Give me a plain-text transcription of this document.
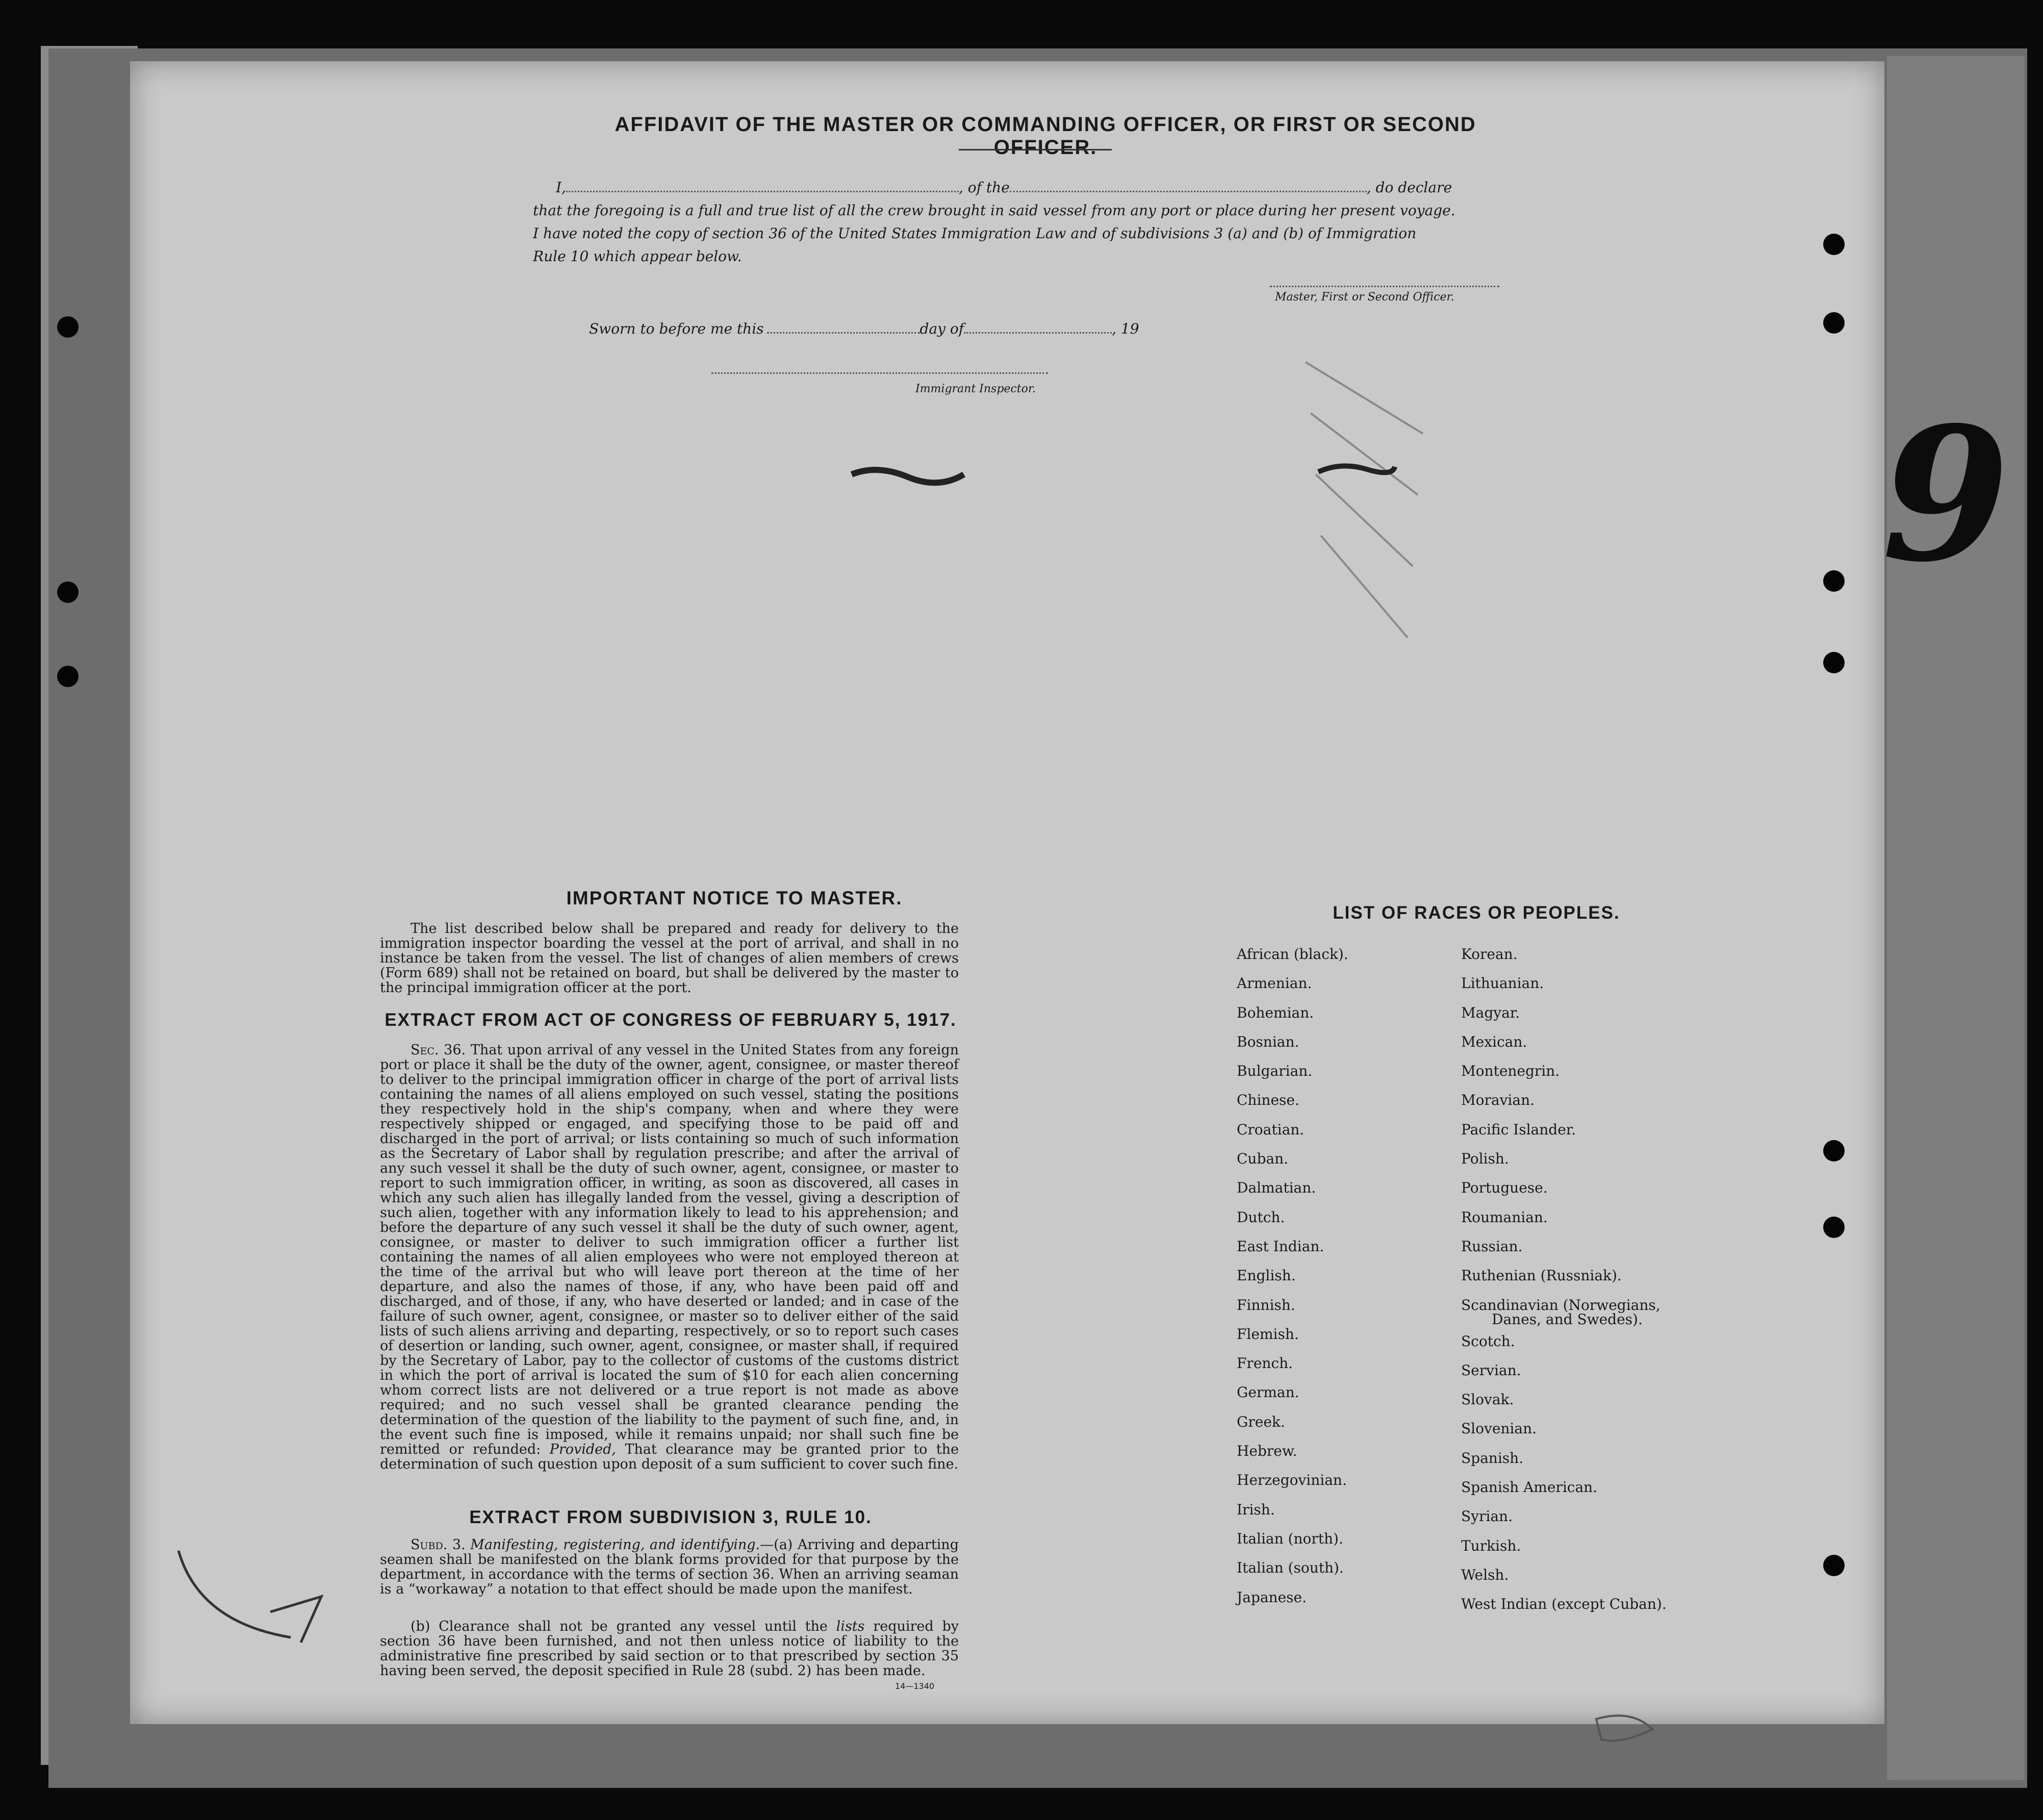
9
AFFIDAVIT OF THE MASTER OR COMMANDING OFFICER, OR FIRST OR SECOND OFFICER.
I,	, of the	, do declare
that the foregoing is a full and true list of all the crew brought in said vessel from any port or place during her present voyage.
I have noted the copy of section 36 of the United States Immigration Law and of subdivisions 3 (a) and (b) of Immigration
Rule 10 which appear below.
Master, First or Second Officer.
Sworn to before me this	day of	, 19
Immigrant Inspector.
IMPORTANT NOTICE TO MASTER.
The list described below shall be prepared and ready for delivery to the immigration inspector boarding the vessel at the port of arrival, and shall in no instance be taken from the vessel. The list of changes of alien members of crews (Form 689) shall not be retained on board, but shall be delivered by the master to the principal immigration officer at the port.
EXTRACT FROM ACT OF CONGRESS OF FEBRUARY 5, 1917.
Sec. 36. That upon arrival of any vessel in the United States from any foreign port or place it shall be the duty of the owner, agent, consignee, or master thereof to deliver to the principal immigration officer in charge of the port of arrival lists containing the names of all aliens employed on such vessel, stating the positions they respectively hold in the ship's company, when and where they were respectively shipped or engaged, and specifying those to be paid off and discharged in the port of arrival; or lists containing so much of such information as the Secretary of Labor shall by regulation prescribe; and after the arrival of any such vessel it shall be the duty of such owner, agent, consignee, or master to report to such immigration officer, in writing, as soon as discovered, all cases in which any such alien has illegally landed from the vessel, giving a description of such alien, together with any information likely to lead to his apprehension; and before the departure of any such vessel it shall be the duty of such owner, agent, consignee, or master to deliver to such immigration officer a further list containing the names of all alien employees who were not employed thereon at the time of the arrival but who will leave port thereon at the time of her departure, and also the names of those, if any, who have been paid off and discharged, and of those, if any, who have deserted or landed; and in case of the failure of such owner, agent, consignee, or master so to deliver either of the said lists of such aliens arriving and departing, respectively, or so to report such cases of desertion or landing, such owner, agent, consignee, or master shall, if required by the Secretary of Labor, pay to the collector of customs of the customs district in which the port of arrival is located the sum of $10 for each alien concerning whom correct lists are not delivered or a true report is not made as above required; and no such vessel shall be granted clearance pending the determination of the question of the liability to the payment of such fine, and, in the event such fine is imposed, while it remains unpaid; nor shall such fine be remitted or refunded: Provided, That clearance may be granted prior to the determination of such question upon deposit of a sum sufficient to cover such fine.
EXTRACT FROM SUBDIVISION 3, RULE 10.
Subd. 3. Manifesting, registering, and identifying.—(a) Arriving and departing seamen shall be manifested on the blank forms provided for that purpose by the department, in accordance with the terms of section 36. When an arriving seaman is a “workaway” a notation to that effect should be made upon the manifest.
(b) Clearance shall not be granted any vessel until the lists required by section 36 have been furnished, and not then unless notice of liability to the administrative fine prescribed by said section or to that prescribed by section 35 having been served, the deposit specified in Rule 28 (subd. 2) has been made.
14—1340
LIST OF RACES OR PEOPLES.
African (black).
Armenian.
Bohemian.
Bosnian.
Bulgarian.
Chinese.
Croatian.
Cuban.
Dalmatian.
Dutch.
East Indian.
English.
Finnish.
Flemish.
French.
German.
Greek.
Hebrew.
Herzegovinian.
Irish.
Italian (north).
Italian (south).
Japanese.
Korean.
Lithuanian.
Magyar.
Mexican.
Montenegrin.
Moravian.
Pacific Islander.
Polish.
Portuguese.
Roumanian.
Russian.
Ruthenian (Russniak).
Scandinavian (Norwegians,
Danes, and Swedes).
Scotch.
Servian.
Slovak.
Slovenian.
Spanish.
Spanish American.
Syrian.
Turkish.
Welsh.
West Indian (except Cuban).
